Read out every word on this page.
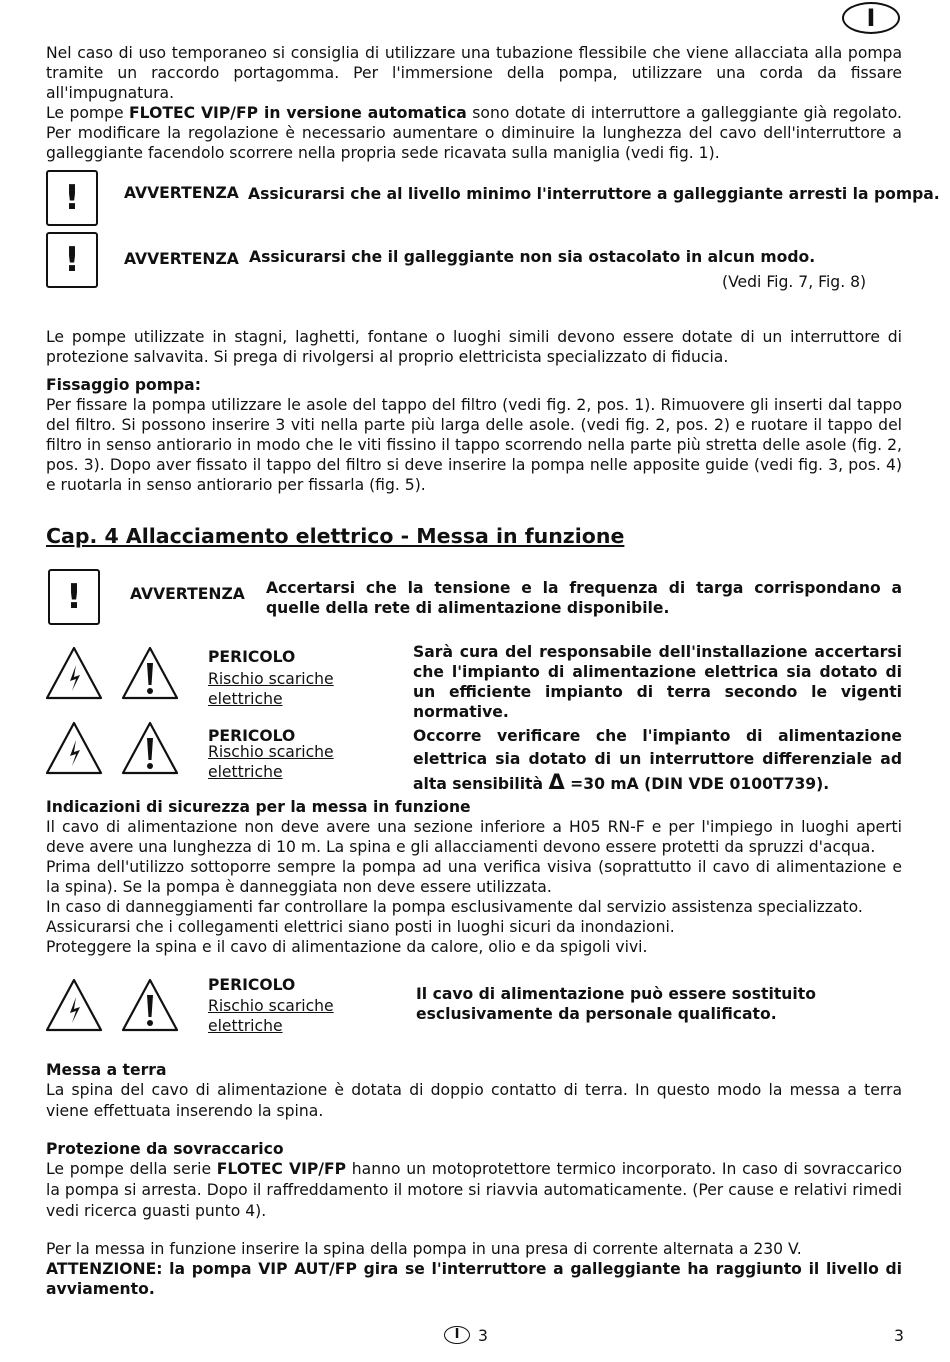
I

Nel caso di uso temporaneo si consiglia di utilizzare una tubazione flessibile che viene allacciata alla pompa tramite un raccordo portagomma. Per l'immersione della pompa, utilizzare una corda da fissare all'impugnatura.

Le pompe FLOTEC VIP/FP in versione automatica sono dotate di interruttore a galleggiante già regolato. Per modificare la regolazione è necessario aumentare o diminuire la lunghezza del cavo dell'interruttore a galleggiante facendolo scorrere nella propria sede ricavata sulla maniglia (vedi fig. 1).

!	AVVERTENZA Assicurarsi che al livello minimo l'interruttore a galleggiante arresti la pompa.
!	AVVERTENZA Assicurarsi che il galleggiante non sia ostacolato in alcun modo.
(Vedi Fig. 7, Fig. 8)
Le pompe utilizzate in stagni, laghetti, fontane o luoghi simili devono essere dotate di un interruttore di protezione salvavita. Si prega di rivolgersi al proprio elettricista specializzato di fiducia.

Fissaggio pompa:

Per fissare la pompa utilizzare le asole del tappo del filtro (vedi fig. 2, pos. 1). Rimuovere gli inserti dal tappo del filtro. Si possono inserire 3 viti nella parte più larga delle asole. (vedi fig. 2, pos. 2) e ruotare il tappo del filtro in senso antiorario in modo che le viti fissino il tappo scorrendo nella parte più stretta delle asole (fig. 2, pos. 3). Dopo aver fissato il tappo del filtro si deve inserire la pompa nelle apposite guide (vedi fig. 3, pos. 4) e ruotarla in senso antiorario per fissarla (fig. 5).

Cap. 4 Allacciamento elettrico - Messa in funzione
!	AVVERTENZA Accertarsi che la tensione e la frequenza di targa corrispondano a quelle della rete di alimentazione disponibile.
PERICOLO
Rischio scariche
elettriche
Sarà cura del responsabile dell'installazione accertarsi che l'impianto di alimentazione elettrica sia dotato di un efficiente impianto di terra secondo le vigenti normative.
PERICOLO
Rischio scariche
elettriche
Occorre verificare che l'impianto di alimentazione elettrica sia dotato di un interruttore differenziale ad alta sensibilità Δ =30 mA (DIN VDE 0100T739).

Indicazioni di sicurezza per la messa in funzione

Il cavo di alimentazione non deve avere una sezione inferiore a H05 RN-F e per l'impiego in luoghi aperti deve avere una lunghezza di 10 m. La spina e gli allacciamenti devono essere protetti da spruzzi d'acqua.

Prima dell'utilizzo sottoporre sempre la pompa ad una verifica visiva (soprattutto il cavo di alimentazione e la spina). Se la pompa è danneggiata non deve essere utilizzata.

In caso di danneggiamenti far controllare la pompa esclusivamente dal servizio assistenza specializzato.

Assicurarsi che i collegamenti elettrici siano posti in luoghi sicuri da inondazioni.

Proteggere la spina e il cavo di alimentazione da calore, olio e da spigoli vivi.

PERICOLO
Rischio scariche
elettriche
Il cavo di alimentazione può essere sostituito esclusivamente da personale qualificato.

Messa a terra

La spina del cavo di alimentazione è dotata di doppio contatto di terra. In questo modo la messa a terra viene effettuata inserendo la spina.

Protezione da sovraccarico

Le pompe della serie FLOTEC VIP/FP hanno un motoprotettore termico incorporato. In caso di sovraccarico la pompa si arresta. Dopo il raffreddamento il motore si riavvia automaticamente. (Per cause e relativi rimedi vedi ricerca guasti punto 4).

Per la messa in funzione inserire la spina della pompa in una presa di corrente alternata a 230 V.

ATTENZIONE: la pompa VIP AUT/FP gira se l'interruttore a galleggiante ha raggiunto il livello di avviamento.

I	3	3
